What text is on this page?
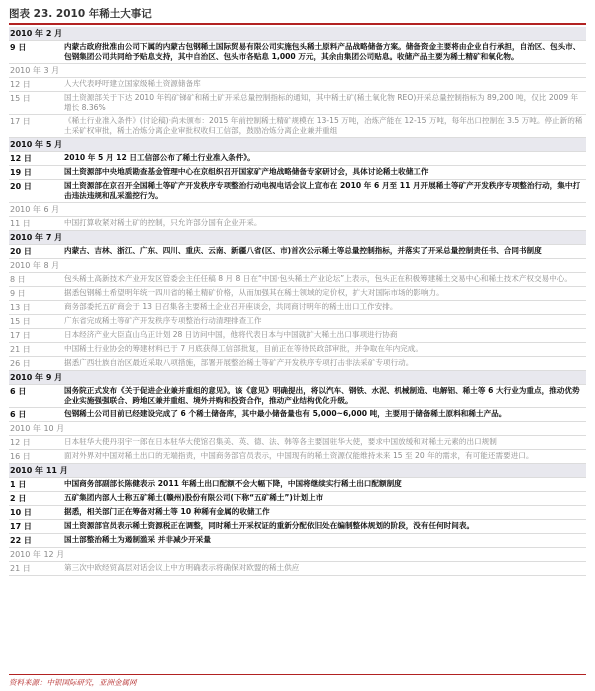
图表 23. 2010 年稀土大事记
2010 年 2 月
9 日	内蒙古政府批准由公司下属的内蒙古包钢稀土国际贸易有限公司实施包头稀土原料产品战略储备方案。储备资金主要将由企业自行承担，自治区、包头市、包钢集团公司共同给予贴息支持，其中自治区、包头市各贴息 1,000 万元，其余由集团公司贴息。收储产品主要为稀土精矿和氧化物。
2010 年 3 月
12 日	人大代表呼吁建立国家级稀土资源储备库
15 日	国土资源部关于下达 2010 年钨矿锑矿和稀土矿开采总量控制指标的通知，其中稀土矿(稀土氧化物 REO)开采总量控制指标为 89,200 吨，仅比 2009 年增长 8.36%
17 日	《稀土行业准入条件》(讨论稿)·尚未颁布：2015 年前控制稀土精矿规模在 13-15 万吨，冶炼产能在 12-15 万吨，每年出口控制在 3.5 万吨。停止新的稀土采矿权审批，稀土冶炼分离企业审批权收归工信部，鼓励冶炼分离企业兼并重组
2010 年 5 月
12 日	2010 年 5 月 12 日工信部公布了稀土行业准入条件》。
19 日	国土资源部中央地质勘查基金管理中心在京组织召开国家矿产地战略储备专家研讨会，具体讨论稀土收储工作
20 日	国土资源部在京召开全国稀土等矿产开发秩序专项整治行动电视电话会议上宣布在 2010 年 6 月至 11 月开展稀土等矿产开发秩序专项整治行动，集中打击违法违规和乱采滥挖行为。
2010 年 6 月
11 日	中国打算收紧对稀土矿的控制，只允许部分国有企业开采。
2010 年 7 月
20 日	内蒙古、吉林、浙江、广东、四川、重庆、云南、新疆八省(区、市)首次公示稀土等总量控制指标，并落实了开采总量控制责任书、合同书制度
2010 年 8 月
8 日	包头稀土高新技术产业开发区管委会主任任稿 8 月 8 日在“中国·包头稀土产业论坛”上表示，包头正在积极筹建稀土交易中心和稀土技术产权交易中心。
9 日	据悉包钢稀土希望明年统一四川省的稀土精矿价格，从而加强其在稀土领域的定价权，扩大对国际市场的影响力。
13 日	商务部委托五矿商会于 13 日召集各主要稀土企业召开座谈会，共同商讨明年的稀土出口工作安排。
15 日	广东省完成稀土等矿产开发秩序专项整治行动清理排查工作
17 日	日本经济产业大臣直山乌正计划 28 日访问中国，他将代表日本与中国就扩大稀土出口事项进行协商
21 日	中国稀土行业协会的筹建材料已于 7 月底获得工信部批复，目前正在等待民政部审批，并争取在年内完成。
26 日	据悉广西壮族自治区最近采取八项措施，部署开展整治稀土等矿产开发秩序专项打击非法采矿专项行动。
2010 年 9 月
6 日	国务院正式发布《关于促进企业兼并重组的意见》。该《意见》明确提出，将以汽车、钢铁、水泥、机械制造、电解铝、稀土等 6 大行业为重点，推动优势企业实施强强联合、跨地区兼并重组、境外并购和投资合作，推动产业结构优化升级。
6 日	包钢稀土公司目前已经建设完成了 6 个稀土储备库，其中最小储备量也有 5,000~6,000 吨，主要用于储备稀土原料和稀土产品。
2010 年 10 月
12 日	日本驻华大使丹羽宇一郎在日本驻华大使馆召集美、英、德、法、韩等各主要国驻华大使，要求中国放缓和对稀土元素的出口规制
16 日	面对外界对中国对稀土出口的无端指责，中国商务部官员表示，中国现有的稀土资源仅能维持未来 15 至 20 年的需求，有可能还需要进口。
2010 年 11 月
1 日	中国商务部副部长陈健表示 2011 年稀土出口配额不会大幅下降，中国将继续实行稀土出口配额制度
2 日	五矿集团内部人士称五矿稀土(赣州)股份有限公司(下称“五矿稀土”)计划上市
10 日	据悉，相关部门正在筹备对稀土等 10 种稀有金属的收储工作
17 日	国土资源部官员表示稀土资源税正在调整，同时稀土开采权证的重新分配依旧处在编制整体规划的阶段，没有任何时间表。
22 日	国土部整治稀土为遏制滥采 并非减少开采量
2010 年 12 月
21 日	第三次中欧经贸高层对话会议上中方明确表示将确保对欧盟的稀土供应
资料来源：中银国际研究，亚洲金属网
